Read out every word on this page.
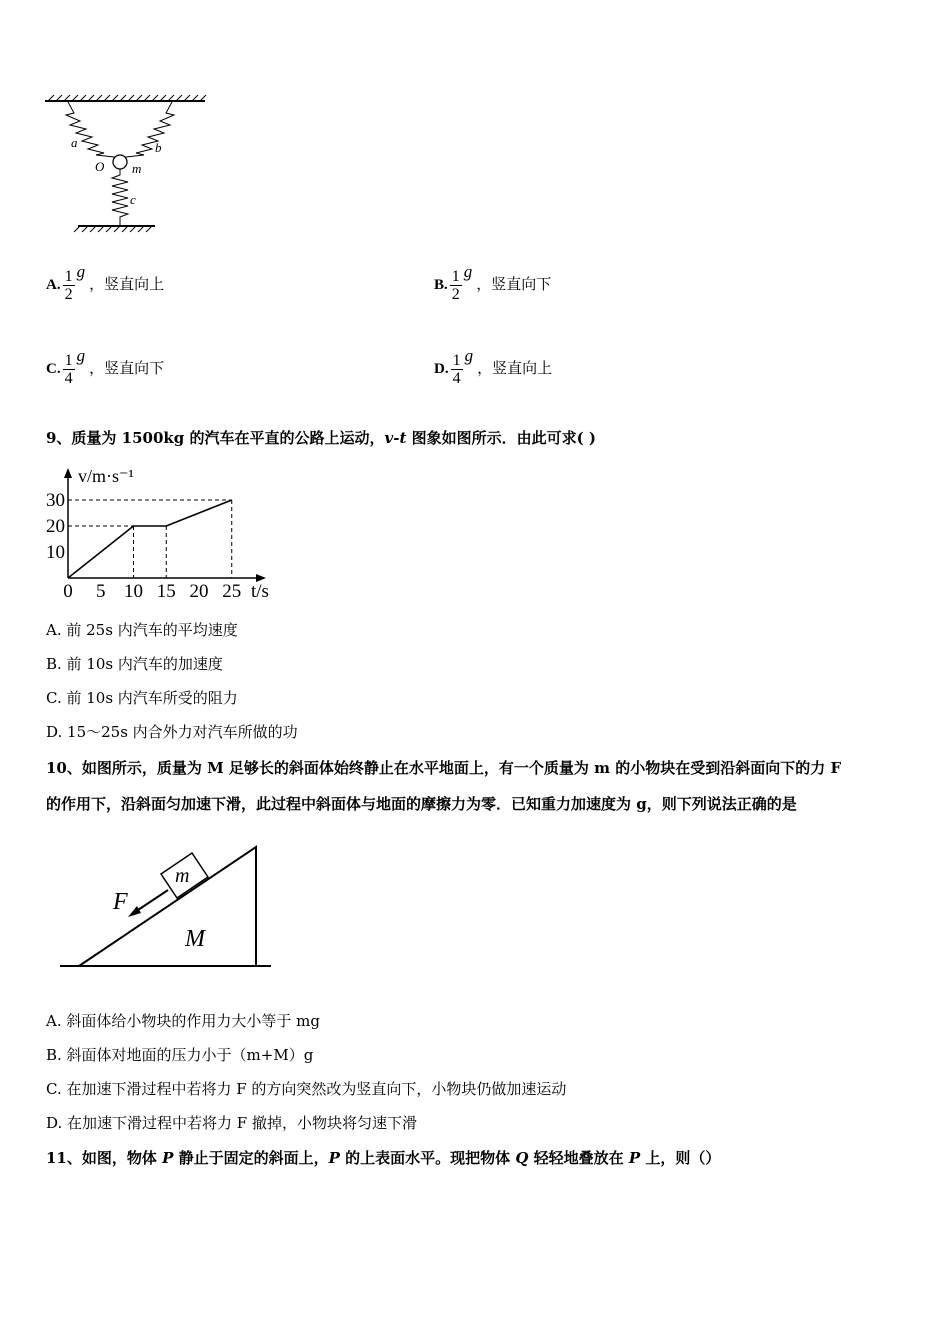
a	b
O m
c
A. $\frac{1}{2}$ g，竖直向上	B. $\frac{1}{2}$ g，竖直向下
C. $\frac{1}{4}$ g，竖直向下	D. $\frac{1}{4}$ g，竖直向上
9、质量为 1500kg 的汽车在平直的公路上运动，v-t 图象如图所示．由此可求( )
0 5 10 15 20 25
10
20
30
t/s
v/m·s⁻¹
A. 前 25s 内汽车的平均速度
B. 前 10s 内汽车的加速度
C. 前 10s 内汽车所受的阻力
D. 15～25s 内合外力对汽车所做的功
10、如图所示，质量为 M 足够长的斜面体始终静止在水平地面上，有一个质量为 m 的小物块在受到沿斜面向下的力 F
的作用下，沿斜面匀加速下滑，此过程中斜面体与地面的摩擦力为零．已知重力加速度为 g，则下列说法正确的是
F
m
M
A. 斜面体给小物块的作用力大小等于 mg
B. 斜面体对地面的压力小于（m+M）g
C. 在加速下滑过程中若将力 F 的方向突然改为竖直向下，小物块仍做加速运动
D. 在加速下滑过程中若将力 F 撤掉，小物块将匀速下滑
11、如图，物体 P 静止于固定的斜面上，P 的上表面水平。现把物体 Q 轻轻地叠放在 P 上，则（）
